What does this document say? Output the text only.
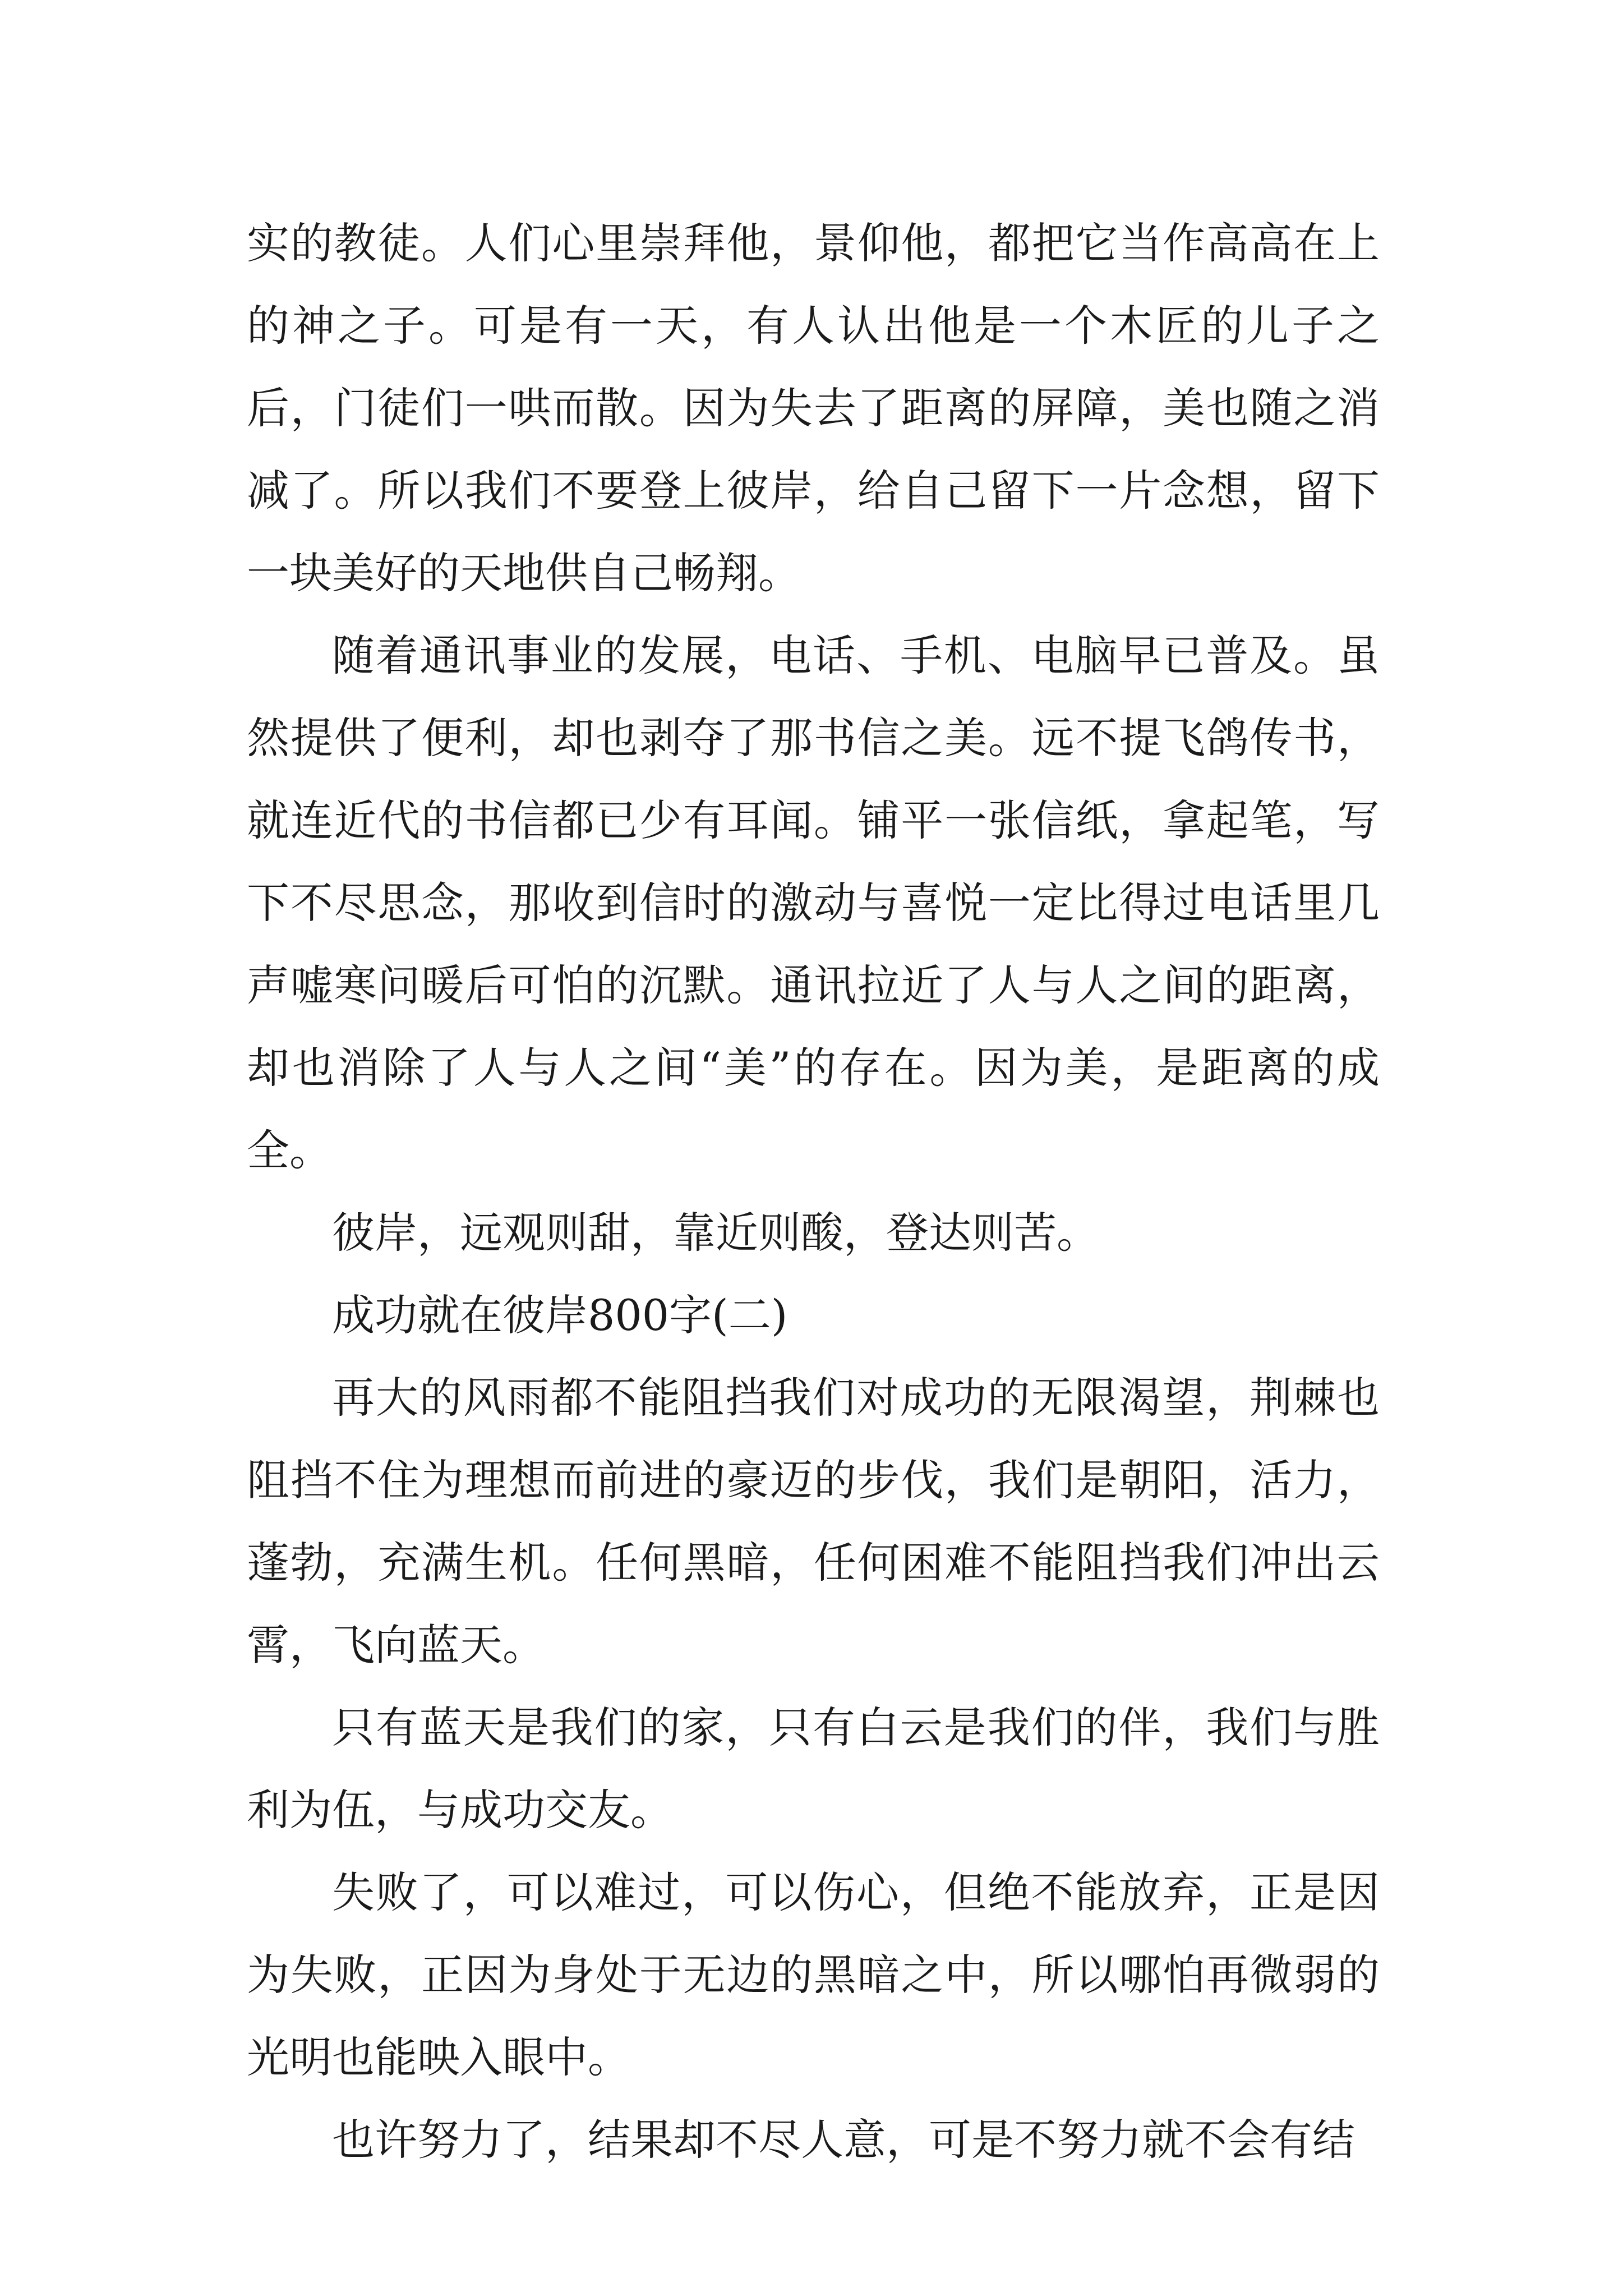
实的教徒。人们心里崇拜他，景仰他，都把它当作高高在上的神之子。可是有一天，有人认出他是一个木匠的儿子之后，门徒们一哄而散。因为失去了距离的屏障，美也随之消减了。所以我们不要登上彼岸，给自己留下一片念想，留下一块美好的天地供自己畅翔。

随着通讯事业的发展，电话、手机、电脑早已普及。虽然提供了便利，却也剥夺了那书信之美。远不提飞鸽传书，就连近代的书信都已少有耳闻。铺平一张信纸，拿起笔，写下不尽思念，那收到信时的激动与喜悦一定比得过电话里几声嘘寒问暖后可怕的沉默。通讯拉近了人与人之间的距离，却也消除了人与人之间“美”的存在。因为美，是距离的成全。

彼岸，远观则甜，靠近则酸，登达则苦。

成功就在彼岸800字(二)

再大的风雨都不能阻挡我们对成功的无限渴望，荆棘也阻挡不住为理想而前进的豪迈的步伐，我们是朝阳，活力，蓬勃，充满生机。任何黑暗，任何困难不能阻挡我们冲出云霄，飞向蓝天。

只有蓝天是我们的家，只有白云是我们的伴，我们与胜利为伍，与成功交友。

失败了，可以难过，可以伤心，但绝不能放弃，正是因为失败，正因为身处于无边的黑暗之中，所以哪怕再微弱的光明也能映入眼中。

也许努力了，结果却不尽人意，可是不努力就不会有结
